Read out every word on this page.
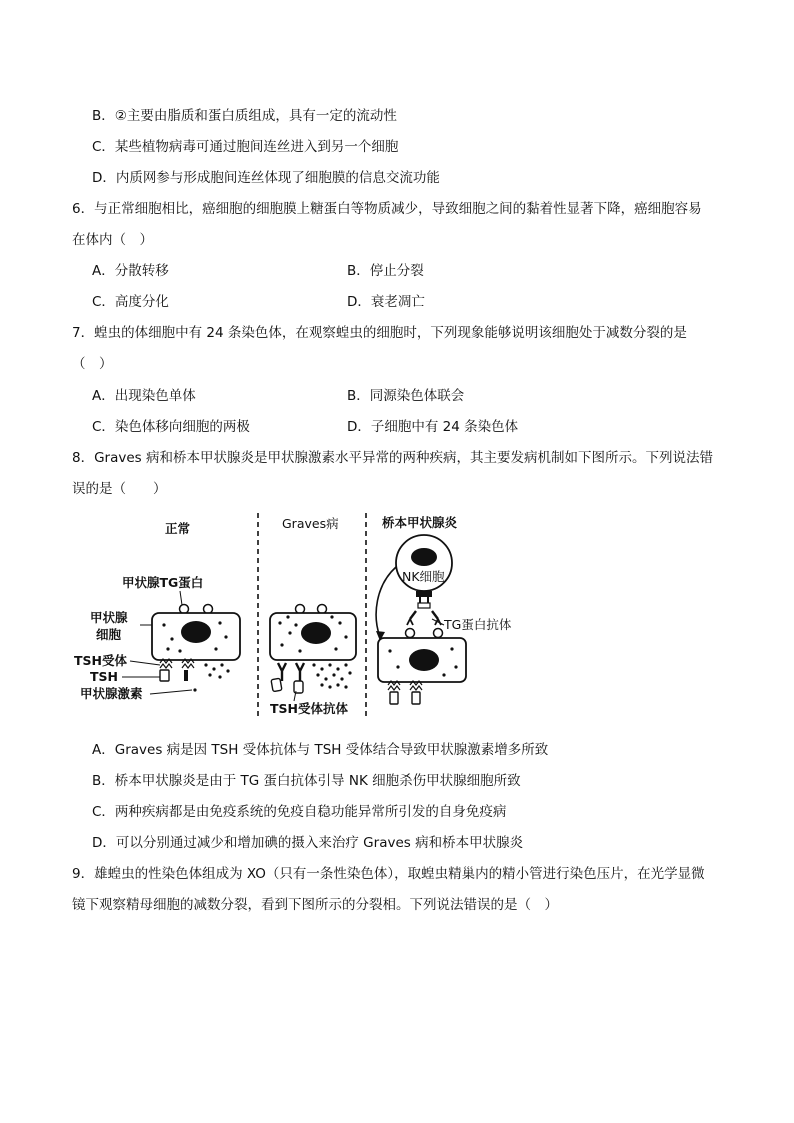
B．②主要由脂质和蛋白质组成，具有一定的流动性
C．某些植物病毒可通过胞间连丝进入到另一个细胞
D．内质网参与形成胞间连丝体现了细胞膜的信息交流功能
6．与正常细胞相比，癌细胞的细胞膜上糖蛋白等物质减少，导致细胞之间的黏着性显著下降，癌细胞容易
在体内（　）
A．分散转移	B．停止分裂
C．高度分化	D．衰老凋亡
7．蝗虫的体细胞中有 24 条染色体，在观察蝗虫的细胞时，下列现象能够说明该细胞处于减数分裂的是
（　）
A．出现染色单体	B．同源染色体联会
C．染色体移向细胞的两极	D．子细胞中有 24 条染色体
8．Graves 病和桥本甲状腺炎是甲状腺激素水平异常的两种疾病，其主要发病机制如下图所示。下列说法错
误的是（　　）
正常	Graves病	桥本甲状腺炎
甲状腺TG蛋白
甲状腺
细胞
TSH受体
TSH
甲状腺激素
TSH受体抗体
NK细胞
TG蛋白抗体
A．Graves 病是因 TSH 受体抗体与 TSH 受体结合导致甲状腺激素增多所致
B．桥本甲状腺炎是由于 TG 蛋白抗体引导 NK 细胞杀伤甲状腺细胞所致
C．两种疾病都是由免疫系统的免疫自稳功能异常所引发的自身免疫病
D．可以分别通过减少和增加碘的摄入来治疗 Graves 病和桥本甲状腺炎
9．雄蝗虫的性染色体组成为 XO（只有一条性染色体），取蝗虫精巢内的精小管进行染色压片，在光学显微
镜下观察精母细胞的减数分裂，看到下图所示的分裂相。下列说法错误的是（　）
